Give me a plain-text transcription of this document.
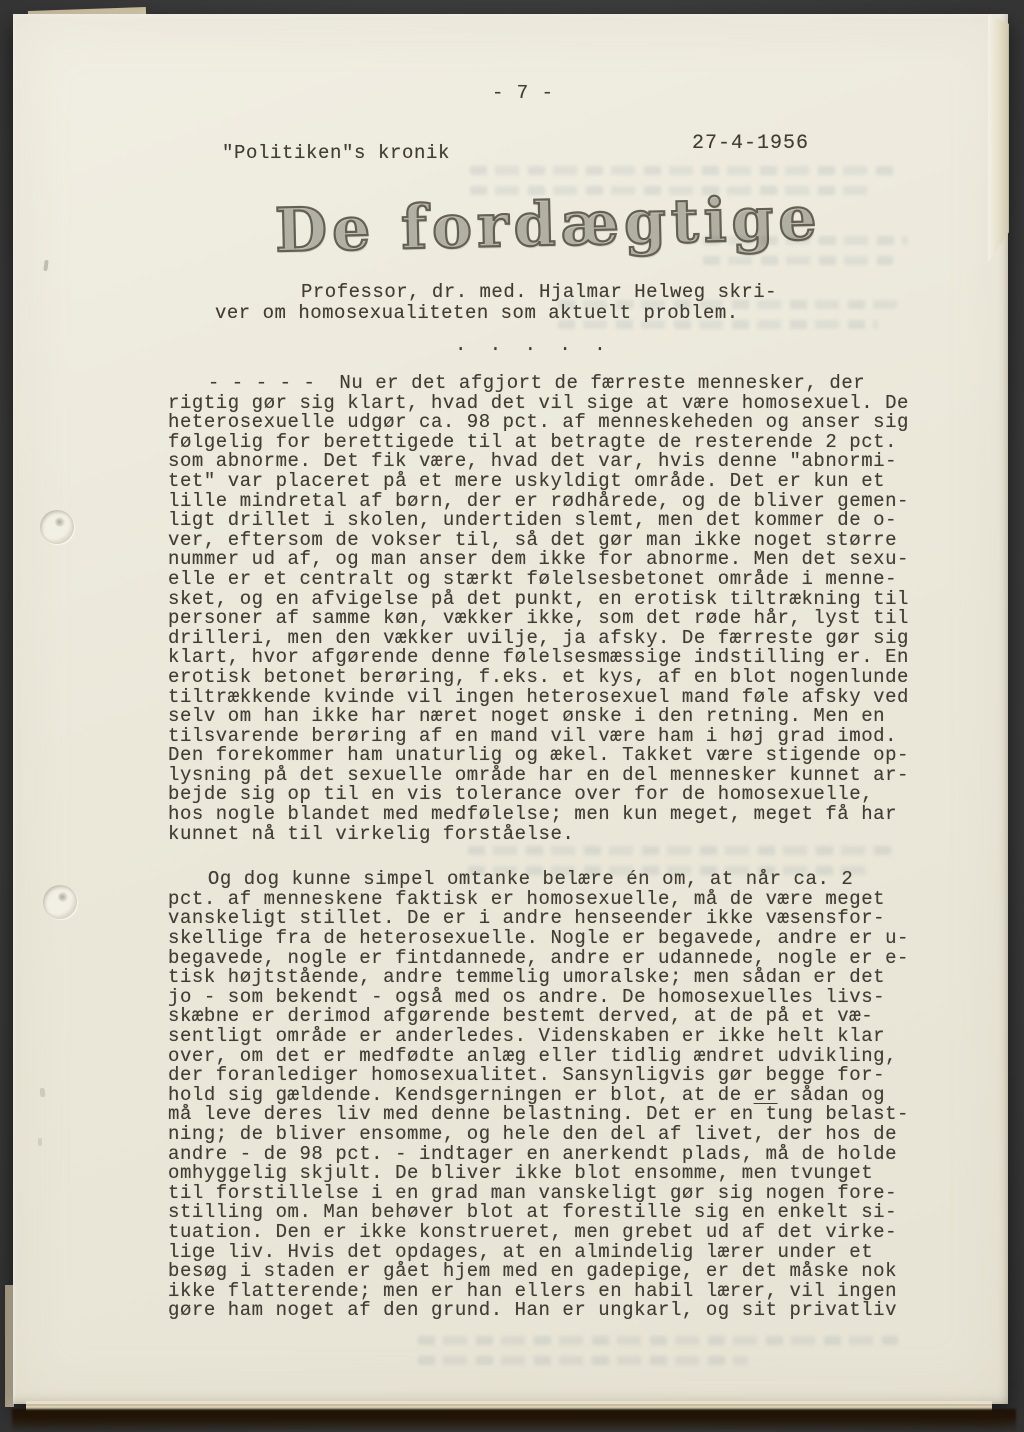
- 7 -
"Politiken"s kronik	27-4-1956
De fordægtige
Professor, dr. med. Hjalmar Helweg skri-
ver om homosexualiteten som aktuelt problem.
. . . . .
- - - - -  Nu er det afgjort de færreste mennesker, der
rigtig gør sig klart, hvad det vil sige at være homosexuel. De
heterosexuelle udgør ca. 98 pct. af menneskeheden og anser sig
følgelig for berettigede til at betragte de resterende 2 pct.
som abnorme. Det fik være, hvad det var, hvis denne "abnormi-
tet" var placeret på et mere uskyldigt område. Det er kun et
lille mindretal af børn, der er rødhårede, og de bliver gemen-
ligt drillet i skolen, undertiden slemt, men det kommer de o-
ver, eftersom de vokser til, så det gør man ikke noget større
nummer ud af, og man anser dem ikke for abnorme. Men det sexu-
elle er et centralt og stærkt følelsesbetonet område i menne-
sket, og en afvigelse på det punkt, en erotisk tiltrækning til
personer af samme køn, vækker ikke, som det røde hår, lyst til
drilleri, men den vækker uvilje, ja afsky. De færreste gør sig
klart, hvor afgørende denne følelsesmæssige indstilling er. En
erotisk betonet berøring, f.eks. et kys, af en blot nogenlunde
tiltrækkende kvinde vil ingen heterosexuel mand føle afsky ved
selv om han ikke har næret noget ønske i den retning. Men en
tilsvarende berøring af en mand vil være ham i høj grad imod.
Den forekommer ham unaturlig og ækel. Takket være stigende op-
lysning på det sexuelle område har en del mennesker kunnet ar-
bejde sig op til en vis tolerance over for de homosexuelle,
hos nogle blandet med medfølelse; men kun meget, meget få har
kunnet nå til virkelig forståelse.
Og dog kunne simpel omtanke belære én om, at når ca. 2
pct. af menneskene faktisk er homosexuelle, må de være meget
vanskeligt stillet. De er i andre henseender ikke væsensfor-
skellige fra de heterosexuelle. Nogle er begavede, andre er u-
begavede, nogle er fintdannede, andre er udannede, nogle er e-
tisk højtstående, andre temmelig umoralske; men sådan er det
jo - som bekendt - også med os andre. De homosexuelles livs-
skæbne er derimod afgørende bestemt derved, at de på et væ-
sentligt område er anderledes. Videnskaben er ikke helt klar
over, om det er medfødte anlæg eller tidlig ændret udvikling,
der foranlediger homosexualitet. Sansynligvis gør begge for-
hold sig gældende. Kendsgerningen er blot, at de er sådan og
må leve deres liv med denne belastning. Det er en tung belast-
ning; de bliver ensomme, og hele den del af livet, der hos de
andre - de 98 pct. - indtager en anerkendt plads, må de holde
omhyggelig skjult. De bliver ikke blot ensomme, men tvunget
til forstillelse i en grad man vanskeligt gør sig nogen fore-
stilling om. Man behøver blot at forestille sig en enkelt si-
tuation. Den er ikke konstrueret, men grebet ud af det virke-
lige liv. Hvis det opdages, at en almindelig lærer under et
besøg i staden er gået hjem med en gadepige, er det måske nok
ikke flatterende; men er han ellers en habil lærer, vil ingen
gøre ham noget af den grund. Han er ungkarl, og sit privatliv
